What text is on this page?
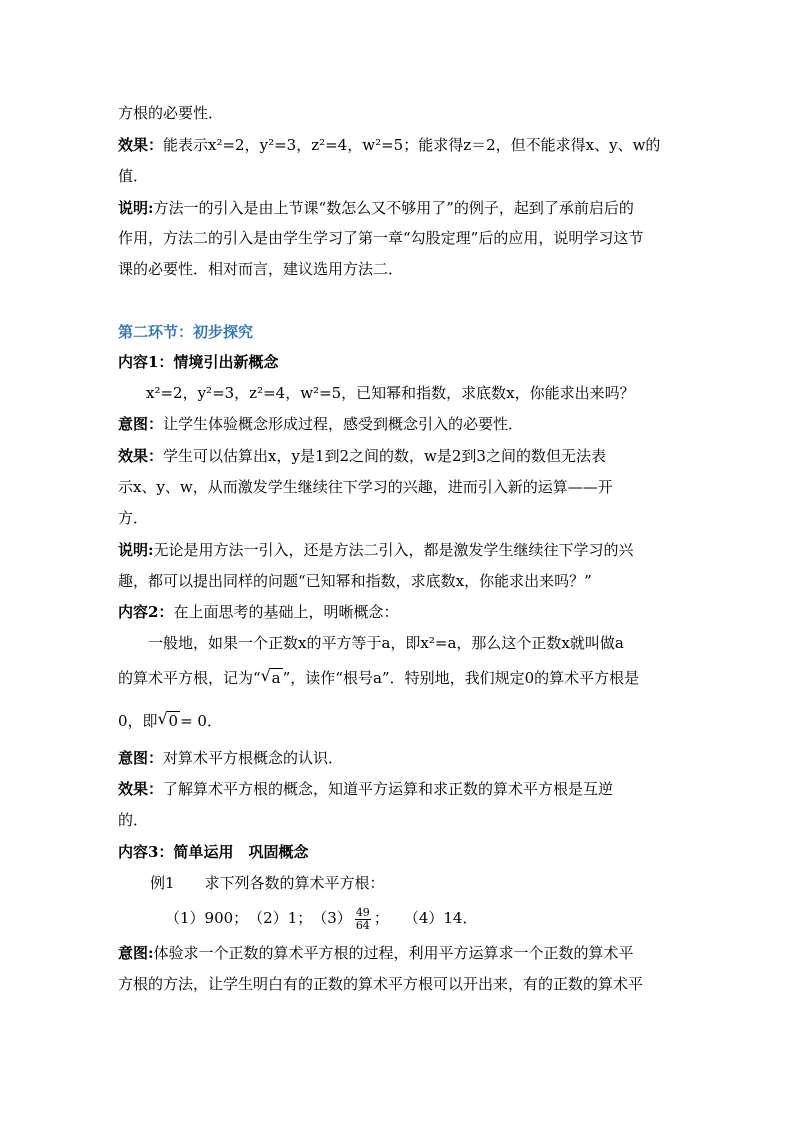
方根的必要性．
效果：能表示x²=2，y²=3，z²=4，w²=5；能求得z＝2，但不能求得x、y、w的
值．
说明:方法一的引入是由上节课“数怎么又不够用了”的例子，起到了承前启后的
作用，方法二的引入是由学生学习了第一章“勾股定理”后的应用，说明学习这节
课的必要性．相对而言，建议选用方法二．
第二环节：初步探究
内容1：情境引出新概念
x²=2，y²=3，z²=4，w²=5，已知幂和指数，求底数x，你能求出来吗？
意图：让学生体验概念形成过程，感受到概念引入的必要性．
效果：学生可以估算出x，y是1到2之间的数，w是2到3之间的数但无法表
示x、y、w，从而激发学生继续往下学习的兴趣，进而引入新的运算——开
方．
说明:无论是用方法一引入，还是方法二引入，都是激发学生继续往下学习的兴
趣，都可以提出同样的问题“已知幂和指数，求底数x，你能求出来吗？”
内容2：在上面思考的基础上，明晰概念：
一般地，如果一个正数x的平方等于a，即x²=a，那么这个正数x就叫做a
的算术平方根，记为“ √ a ”，读作“根号a”．特别地，我们规定0的算术平方根是
0，即 √ 0 = 0．
意图：对算术平方根概念的认识．
效果：了解算术平方根的概念，知道平方运算和求正数的算术平方根是互逆
的．
内容3：简单运用　巩固概念
例1　　求下列各数的算术平方根：
（1）900；　（2）1；　$(3) \frac{49}{64}$ ；　　（4）14．
意图:体验求一个正数的算术平方根的过程，利用平方运算求一个正数的算术平
方根的方法，让学生明白有的正数的算术平方根可以开出来，有的正数的算术平
